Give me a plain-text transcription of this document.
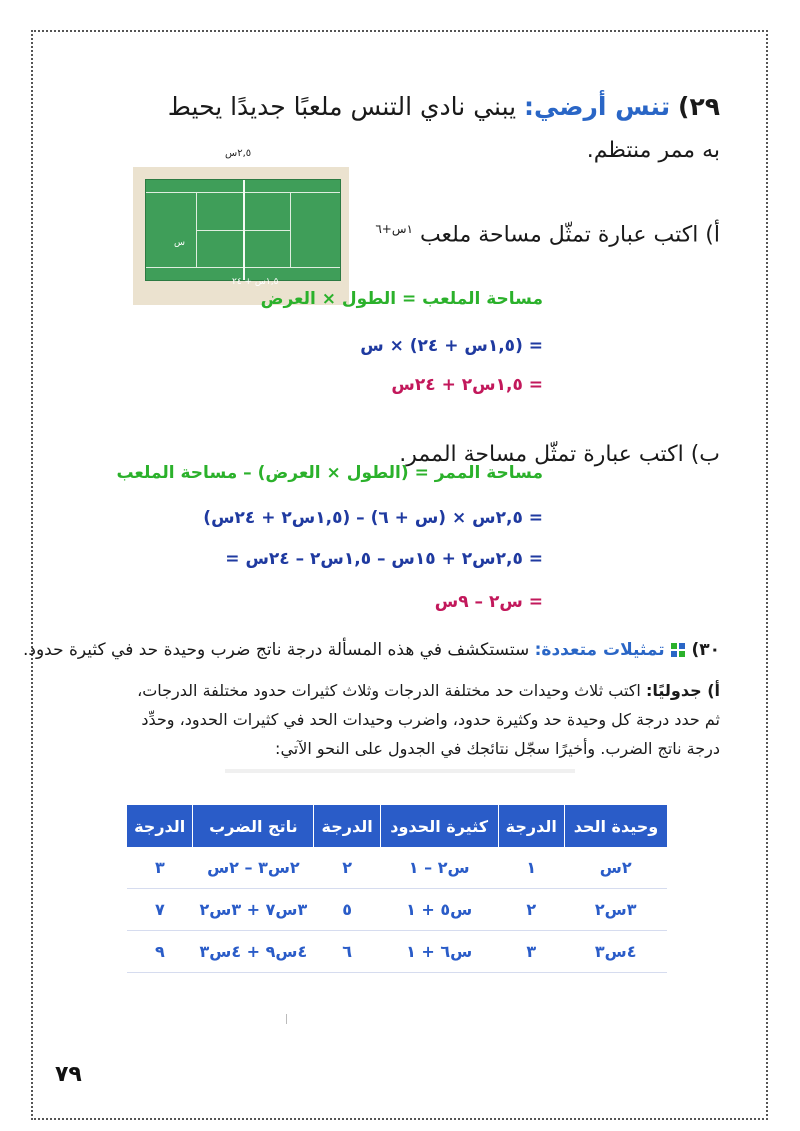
٢٩) تنس أرضي: يبني نادي التنس ملعبًا جديدًا يحيط
به ممر منتظم.
٢,٥س
س
١,٥س + ٢٤
أ) اكتب عبارة تمثّل مساحة ملعب $^{١س+٦}$
مساحة الملعب = الطول × العرض
= (١,٥س + ٢٤) × س
= ١,٥س٢ + ٢٤س
ب) اكتب عبارة تمثّل مساحة الممر.
مساحة الممر = (الطول × العرض) – مساحة الملعب
= ٢,٥س × (س + ٦) – (١,٥س٢ + ٢٤س)
= ٢,٥س٢ + ١٥س – ١,٥س٢ – ٢٤س =
= س٢ – ٩س
٣٠)  تمثيلات متعددة: ستستكشف في هذه المسألة درجة ناتج ضرب وحيدة حد في كثيرة حدود.
أ) جدوليًا: اكتب ثلاث وحيدات حد مختلفة الدرجات وثلاث كثيرات حدود مختلفة الدرجات، ثم حدد درجة كل وحيدة حد وكثيرة حدود، واضرب وحيدات الحد في كثيرات الحدود، وحدِّد درجة ناتج الضرب. وأخيرًا سجّل نتائجك في الجدول على النحو الآتي:
وحيدة الحد	الدرجة	كثيرة الحدود	الدرجة	ناتج الضرب	الدرجة
٢س	١	س٢ – ١	٢	٢س٣ – ٢س	٣
٣س٢	٢	س٥ + ١	٥	٣س٧ + ٣س٢	٧
٤س٣	٣	س٦ + ١	٦	٤س٩ + ٤س٣	٩
٧٩
